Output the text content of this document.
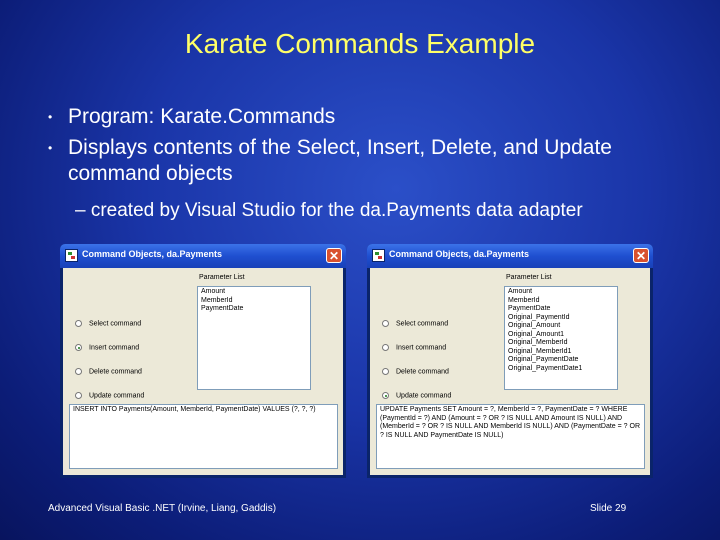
Karate Commands Example

• Program: Karate.Commands

• Displays contents of the Select, Insert, Delete, and Update command objects

– created by Visual Studio for the da.Payments data adapter
Command Objects, da.Payments	✕
Parameter List
Amount
MemberId
PaymentDate
Select command
Insert command
Delete command
Update command
INSERT INTO Payments(Amount, MemberId, PaymentDate) VALUES (?, ?, ?)
Command Objects, da.Payments	✕
Parameter List
Amount
MemberId
PaymentDate
Original_PaymentId
Original_Amount
Original_Amount1
Original_MemberId
Original_MemberId1
Original_PaymentDate
Original_PaymentDate1
Select command
Insert command
Delete command
Update command
UPDATE Payments SET Amount = ?, MemberId = ?, PaymentDate = ? WHERE (PaymentId = ?) AND (Amount = ? OR ? IS NULL AND Amount IS NULL) AND (MemberId = ? OR ? IS NULL AND MemberId IS NULL) AND (PaymentDate = ? OR ? IS NULL AND PaymentDate IS NULL)
Advanced Visual Basic .NET (Irvine, Liang, Gaddis)	Slide 29
